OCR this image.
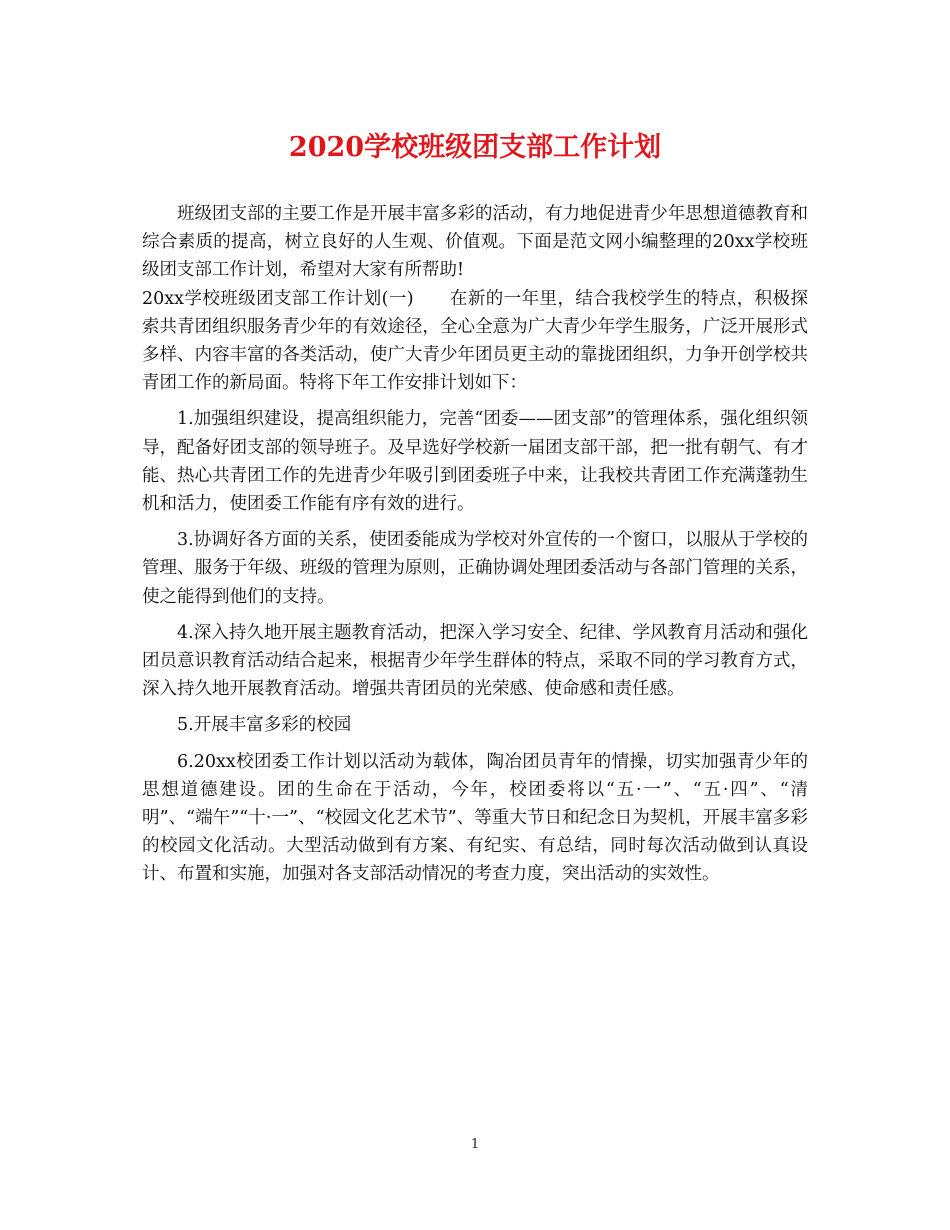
2020学校班级团支部工作计划

班级团支部的主要工作是开展丰富多彩的活动，有力地促进青少年思想道德教育和综合素质的提高，树立良好的人生观、价值观。下面是范文网小编整理的20xx学校班级团支部工作计划，希望对大家有所帮助!

20xx学校班级团支部工作计划(一)　　在新的一年里，结合我校学生的特点，积极探索共青团组织服务青少年的有效途径，全心全意为广大青少年学生服务，广泛开展形式多样、内容丰富的各类活动，使广大青少年团员更主动的靠拢团组织，力争开创学校共青团工作的新局面。特将下年工作安排计划如下：

1.加强组织建设，提高组织能力，完善“团委——团支部”的管理体系，强化组织领导，配备好团支部的领导班子。及早选好学校新一届团支部干部，把一批有朝气、有才能、热心共青团工作的先进青少年吸引到团委班子中来，让我校共青团工作充满蓬勃生机和活力，使团委工作能有序有效的进行。

3.协调好各方面的关系，使团委能成为学校对外宣传的一个窗口，以服从于学校的管理、服务于年级、班级的管理为原则，正确协调处理团委活动与各部门管理的关系，使之能得到他们的支持。

4.深入持久地开展主题教育活动，把深入学习安全、纪律、学风教育月活动和强化团员意识教育活动结合起来，根据青少年学生群体的特点，采取不同的学习教育方式，深入持久地开展教育活动。增强共青团员的光荣感、使命感和责任感。

5.开展丰富多彩的校园

6.20xx校团委工作计划以活动为载体，陶冶团员青年的情操，切实加强青少年的思想道德建设。团的生命在于活动，今年，校团委将以“五·一”、“五·四”、“清明”、“端午”“十·一”、“校园文化艺术节”、等重大节日和纪念日为契机，开展丰富多彩的校园文化活动。大型活动做到有方案、有纪实、有总结，同时每次活动做到认真设计、布置和实施，加强对各支部活动情况的考查力度，突出活动的实效性。

1
